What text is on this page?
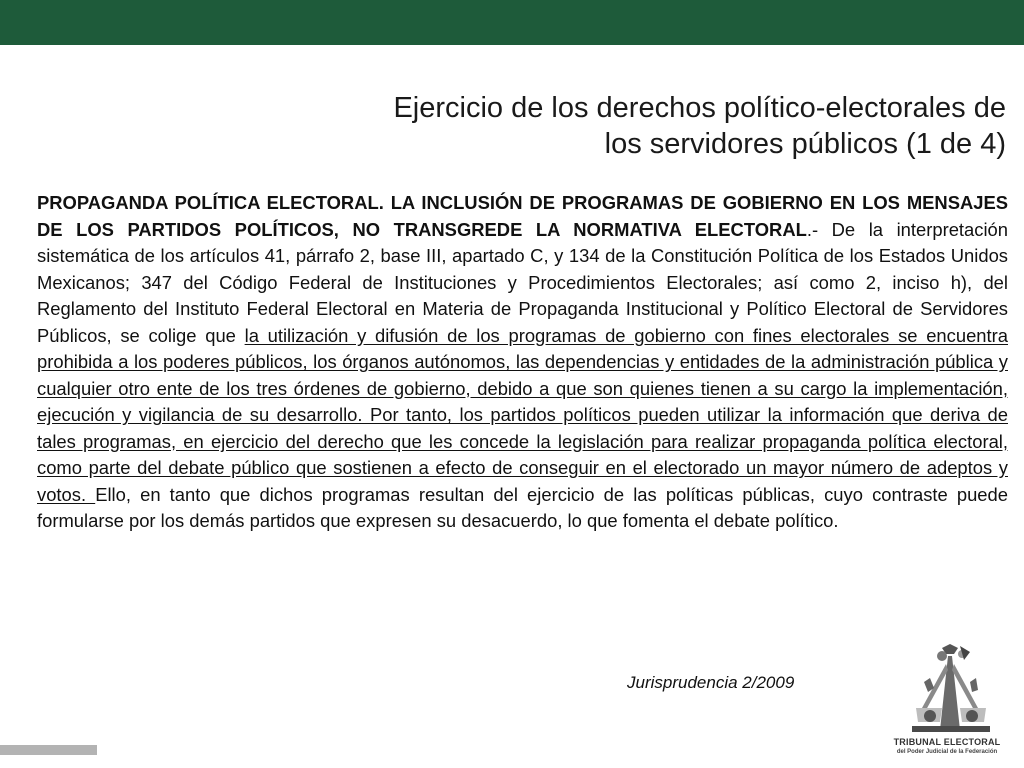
Ejercicio de los derechos político-electorales de
los servidores públicos (1 de 4)
PROPAGANDA POLÍTICA ELECTORAL. LA INCLUSIÓN DE PROGRAMAS DE GOBIERNO EN LOS MENSAJES DE LOS PARTIDOS POLÍTICOS, NO TRANSGREDE LA NORMATIVA ELECTORAL.- De la interpretación sistemática de los artículos 41, párrafo 2, base III, apartado C, y 134 de la Constitución Política de los Estados Unidos Mexicanos; 347 del Código Federal de Instituciones y Procedimientos Electorales; así como 2, inciso h), del Reglamento del Instituto Federal Electoral en Materia de Propaganda Institucional y Político Electoral de Servidores Públicos, se colige que la utilización y difusión de los programas de gobierno con fines electorales se encuentra prohibida a los poderes públicos, los órganos autónomos, las dependencias y entidades de la administración pública y cualquier otro ente de los tres órdenes de gobierno, debido a que son quienes tienen a su cargo la implementación, ejecución y vigilancia de su desarrollo. Por tanto, los partidos políticos pueden utilizar la información que deriva de tales programas, en ejercicio del derecho que les concede la legislación para realizar propaganda política electoral, como parte del debate público que sostienen a efecto de conseguir en el electorado un mayor número de adeptos y votos. Ello, en tanto que dichos programas resultan del ejercicio de las políticas públicas, cuyo contraste puede formularse por los demás partidos que expresen su desacuerdo, lo que fomenta el debate político.
Jurisprudencia 2/2009
TRIBUNAL ELECTORAL
del Poder Judicial de la Federación
